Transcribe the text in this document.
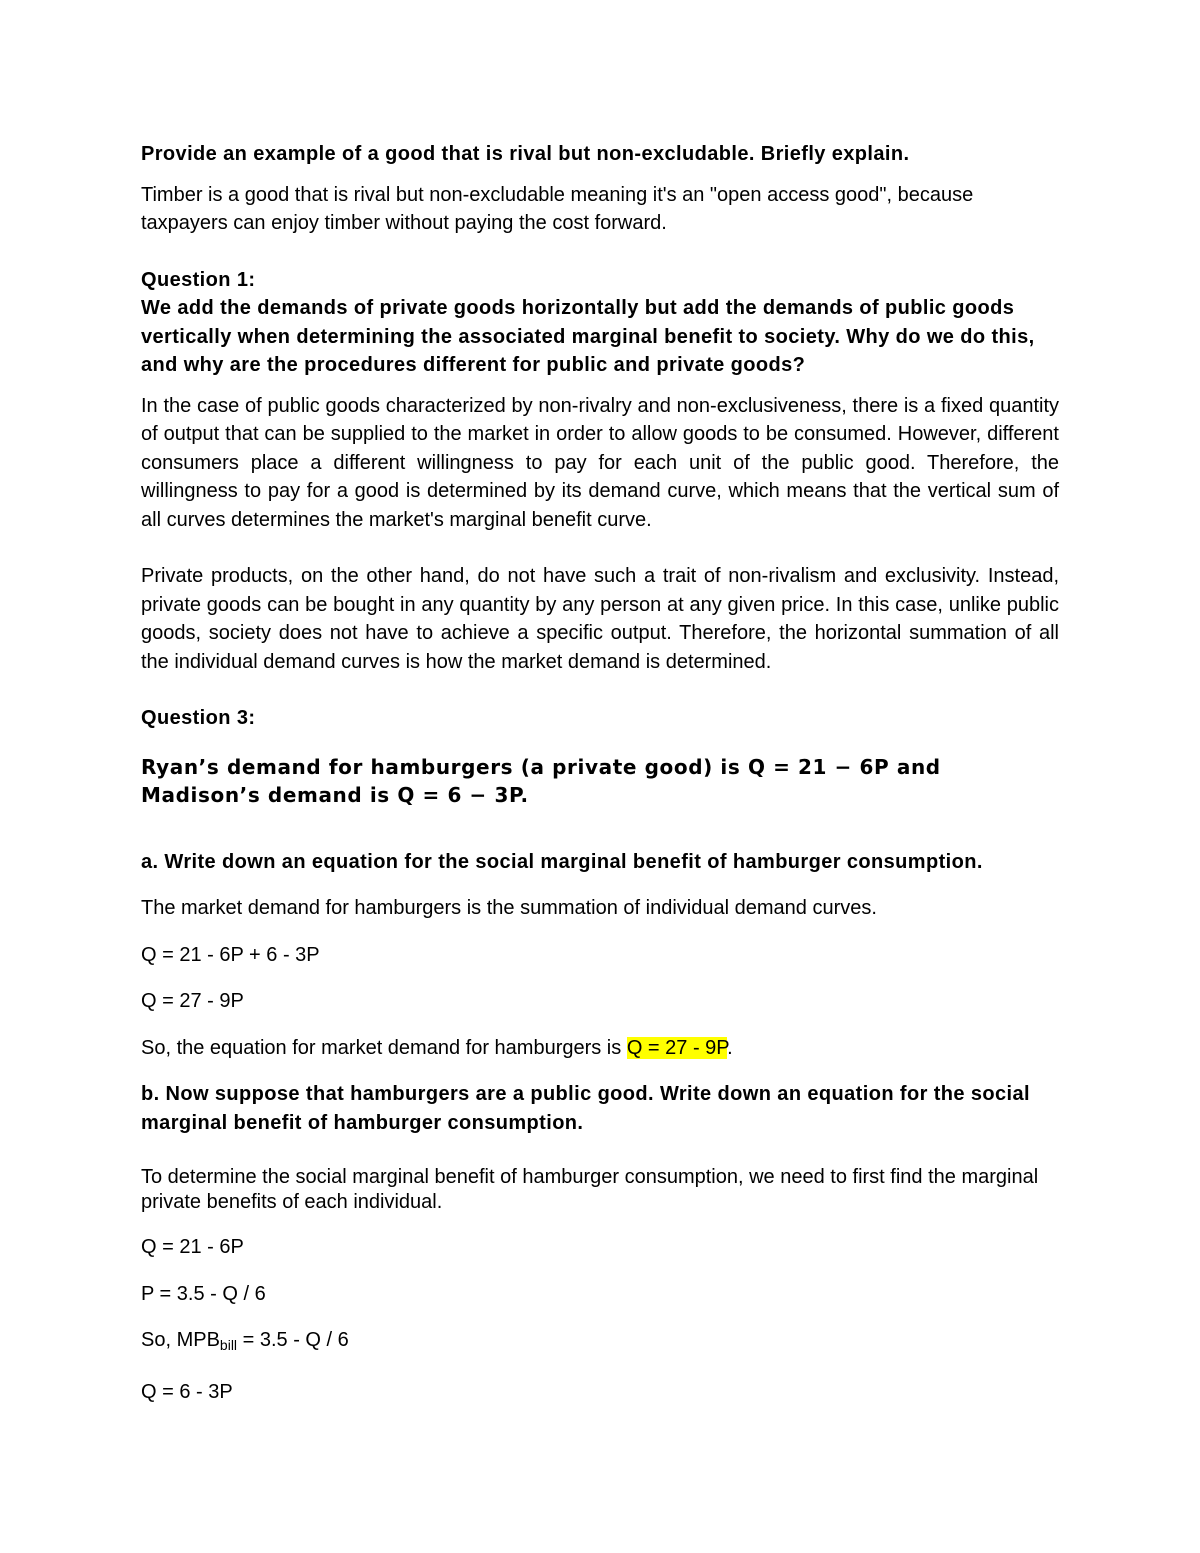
Provide an example of a good that is rival but non-excludable. Briefly explain.

Timber is a good that is rival but non-excludable meaning it's an "open access good", because taxpayers can enjoy timber without paying the cost forward.

Question 1:

We add the demands of private goods horizontally but add the demands of public goods vertically when determining the associated marginal benefit to society. Why do we do this, and why are the procedures different for public and private goods?

In the case of public goods characterized by non-rivalry and non-exclusiveness, there is a fixed quantity of output that can be supplied to the market in order to allow goods to be consumed. However, different consumers place a different willingness to pay for each unit of the public good. Therefore, the willingness to pay for a good is determined by its demand curve, which means that the vertical sum of all curves determines the market's marginal benefit curve.

Private products, on the other hand, do not have such a trait of non-rivalism and exclusivity. Instead, private goods can be bought in any quantity by any person at any given price. In this case, unlike public goods, society does not have to achieve a specific output. Therefore, the horizontal summation of all the individual demand curves is how the market demand is determined.

Question 3:

Ryan’s demand for hamburgers (a private good) is Q = 21 − 6P and Madison’s demand is Q = 6 − 3P.

a. Write down an equation for the social marginal benefit of hamburger consumption.

The market demand for hamburgers is the summation of individual demand curves.

Q = 21 - 6P + 6 - 3P

Q = 27 - 9P

So, the equation for market demand for hamburgers is Q = 27 - 9P.

b. Now suppose that hamburgers are a public good. Write down an equation for the social marginal benefit of hamburger consumption.

To determine the social marginal benefit of hamburger consumption, we need to first find the marginal private benefits of each individual.

Q = 21 - 6P

P = 3.5 - Q / 6

So, $MPB_{bill} = 3.5 - Q / 6$

Q = 6 - 3P
